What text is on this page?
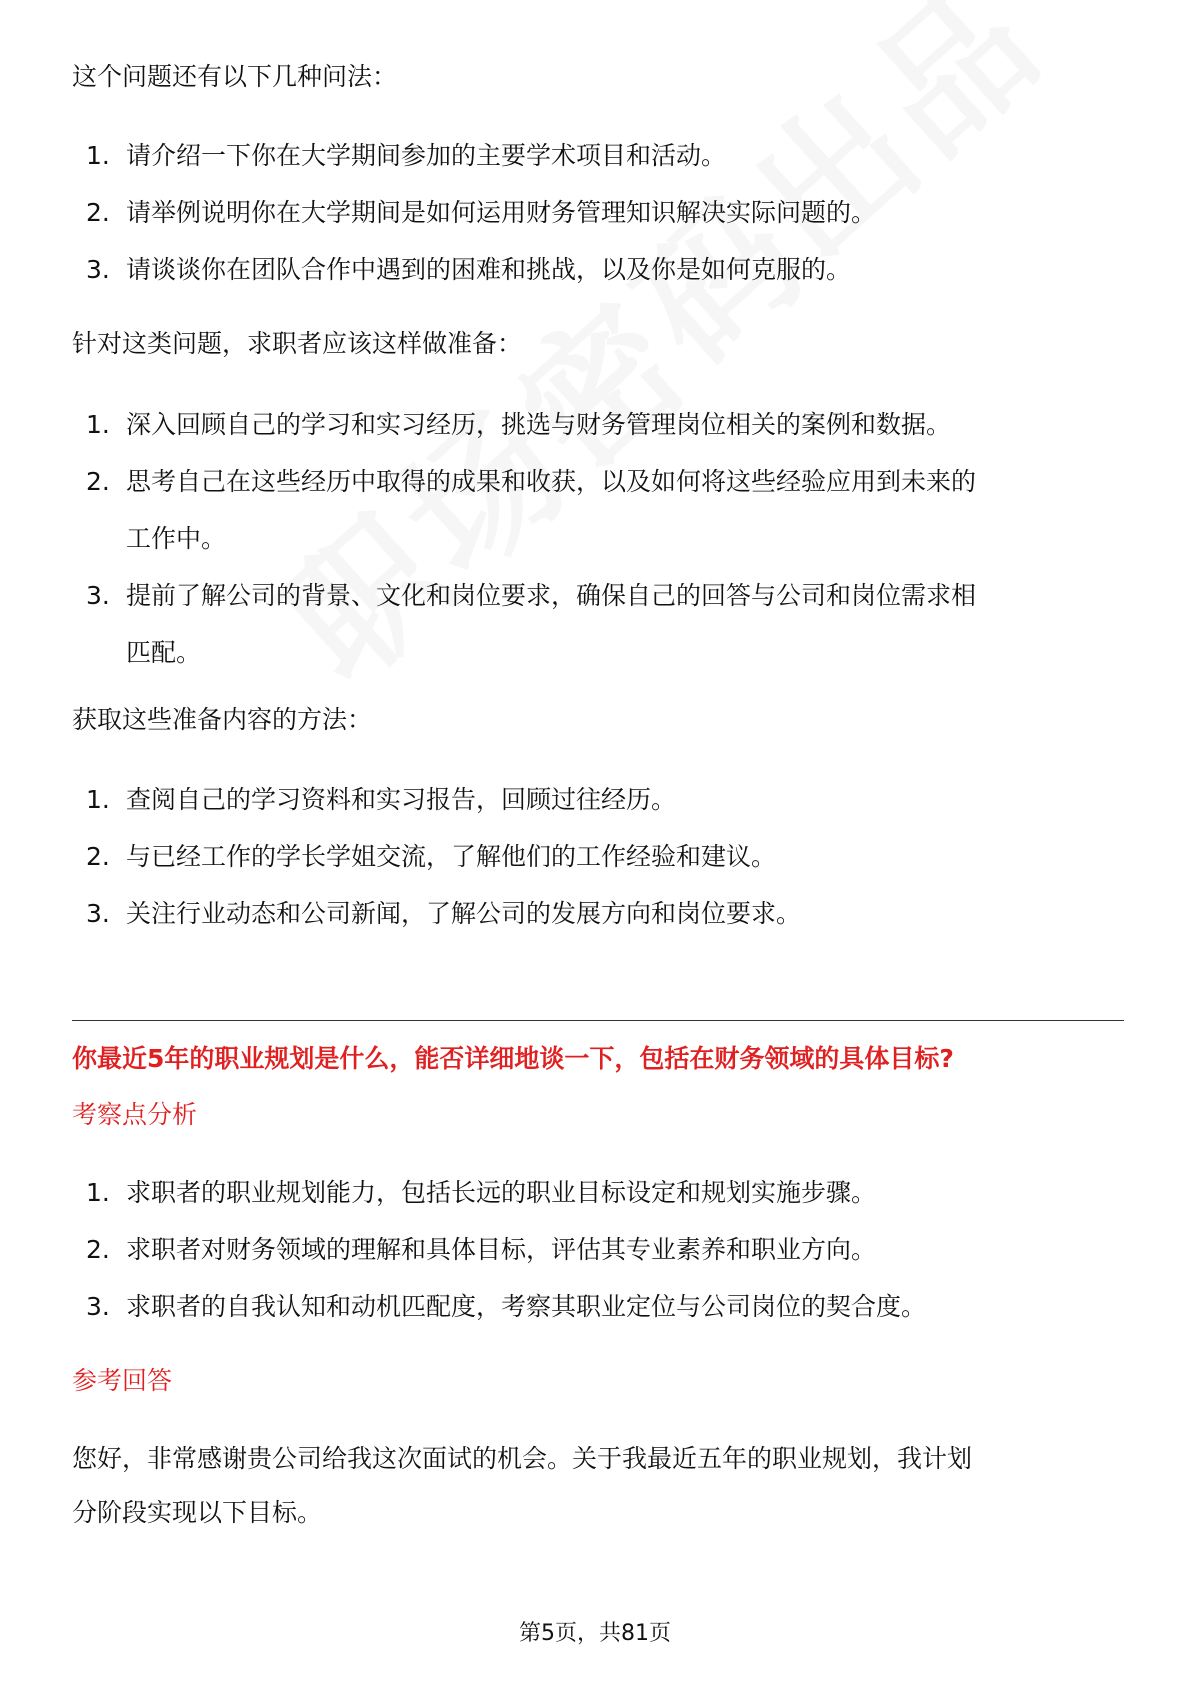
这个问题还有以下几种问法：

1. 请介绍一下你在大学期间参加的主要学术项目和活动。
2. 请举例说明你在大学期间是如何运用财务管理知识解决实际问题的。
3. 请谈谈你在团队合作中遇到的困难和挑战，以及你是如何克服的。

针对这类问题，求职者应该这样做准备：

1. 深入回顾自己的学习和实习经历，挑选与财务管理岗位相关的案例和数据。
2. 思考自己在这些经历中取得的成果和收获，以及如何将这些经验应用到未来的
工作中。
3. 提前了解公司的背景、文化和岗位要求，确保自己的回答与公司和岗位需求相
匹配。

获取这些准备内容的方法：

1. 查阅自己的学习资料和实习报告，回顾过往经历。
2. 与已经工作的学长学姐交流，了解他们的工作经验和建议。
3. 关注行业动态和公司新闻，了解公司的发展方向和岗位要求。

你最近5年的职业规划是什么，能否详细地谈一下，包括在财务领域的具体目标?

考察点分析

1. 求职者的职业规划能力，包括长远的职业目标设定和规划实施步骤。
2. 求职者对财务领域的理解和具体目标，评估其专业素养和职业方向。
3. 求职者的自我认知和动机匹配度，考察其职业定位与公司岗位的契合度。

参考回答

您好，非常感谢贵公司给我这次面试的机会。关于我最近五年的职业规划，我计划
分阶段实现以下目标。

第5页，共81页
